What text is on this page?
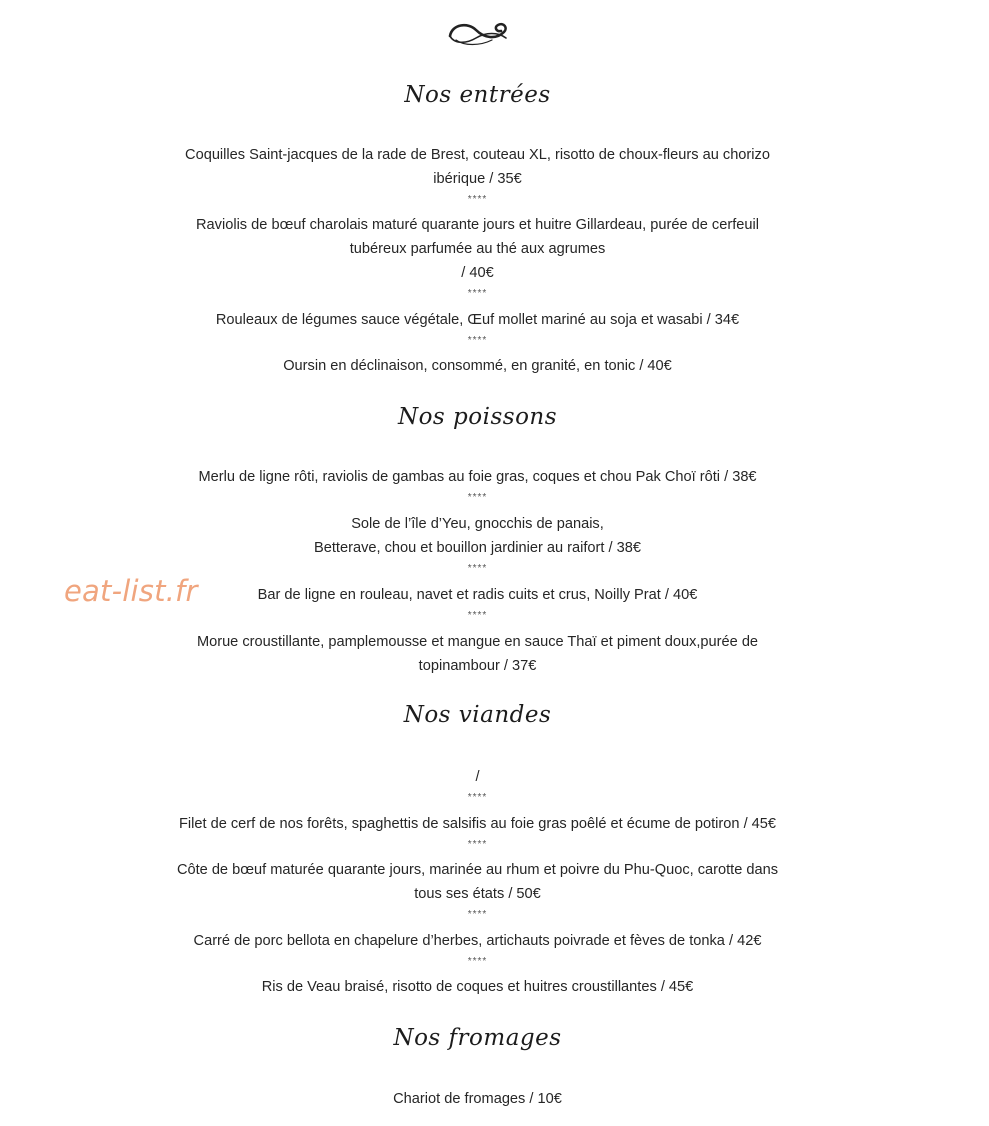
eat-list.fr
Nos entrées
Coquilles Saint-jacques de la rade de Brest, couteau XL, risotto de choux-fleurs au chorizo
ibérique / 35€
****
Raviolis de bœuf charolais maturé quarante jours et huitre Gillardeau, purée de cerfeuil
tubéreux parfumée au thé aux agrumes
/ 40€
****
Rouleaux de légumes sauce végétale, Œuf mollet mariné au soja et wasabi / 34€
****
Oursin en déclinaison, consommé, en granité, en tonic / 40€
Nos poissons
Merlu de ligne rôti, raviolis de gambas au foie gras, coques et chou Pak Choï rôti / 38€
****
Sole de l’île d’Yeu, gnocchis de panais,
Betterave, chou et bouillon jardinier au raifort / 38€
****
Bar de ligne en rouleau, navet et radis cuits et crus, Noilly Prat / 40€
****
Morue croustillante, pamplemousse et mangue en sauce Thaï et piment doux,purée de
topinambour / 37€
Nos viandes
/
****
Filet de cerf de nos forêts, spaghettis de salsifis au foie gras poêlé et écume de potiron / 45€
****
Côte de bœuf maturée quarante jours, marinée au rhum et poivre du Phu-Quoc, carotte dans
tous ses états / 50€
****
Carré de porc bellota en chapelure d’herbes, artichauts poivrade et fèves de tonka / 42€
****
Ris de Veau braisé, risotto de coques et huitres croustillantes / 45€
Nos fromages
Chariot de fromages / 10€
